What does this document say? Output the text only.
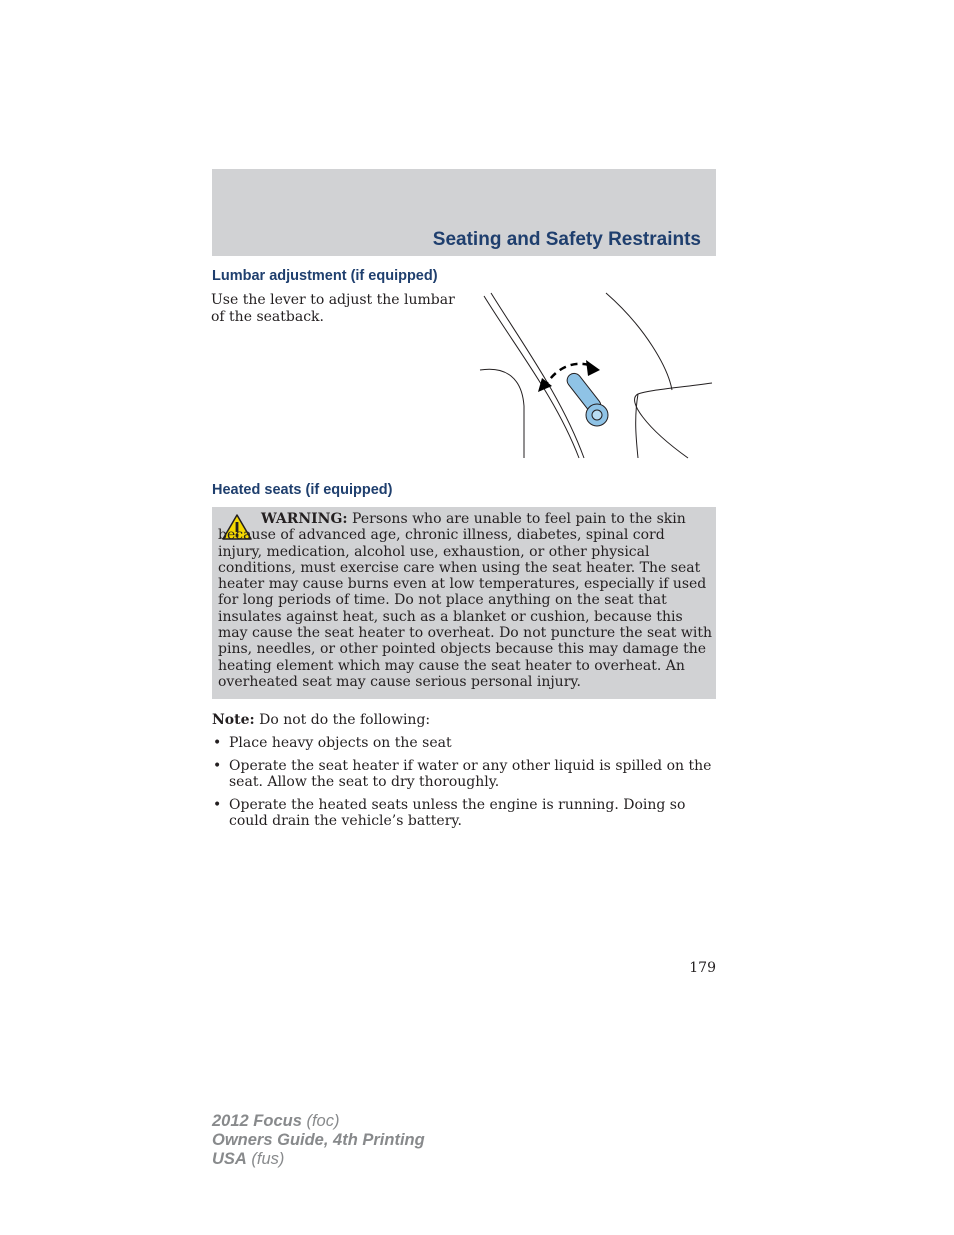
Seating and Safety Restraints
Lumbar adjustment (if equipped)
Use the lever to adjust the lumbar of the seatback.
Heated seats (if equipped)
WARNING: Persons who are unable to feel pain to the skin because of advanced age, chronic illness, diabetes, spinal cord injury, medication, alcohol use, exhaustion, or other physical conditions, must exercise care when using the seat heater. The seat heater may cause burns even at low temperatures, especially if used for long periods of time. Do not place anything on the seat that insulates against heat, such as a blanket or cushion, because this may cause the seat heater to overheat. Do not puncture the seat with pins, needles, or other pointed objects because this may damage the heating element which may cause the seat heater to overheat. An overheated seat may cause serious personal injury.
Note: Do not do the following:
• Place heavy objects on the seat
• Operate the seat heater if water or any other liquid is spilled on the seat. Allow the seat to dry thoroughly.
• Operate the heated seats unless the engine is running. Doing so could drain the vehicle’s battery.
179
2012 Focus (foc)
Owners Guide, 4th Printing
USA (fus)
